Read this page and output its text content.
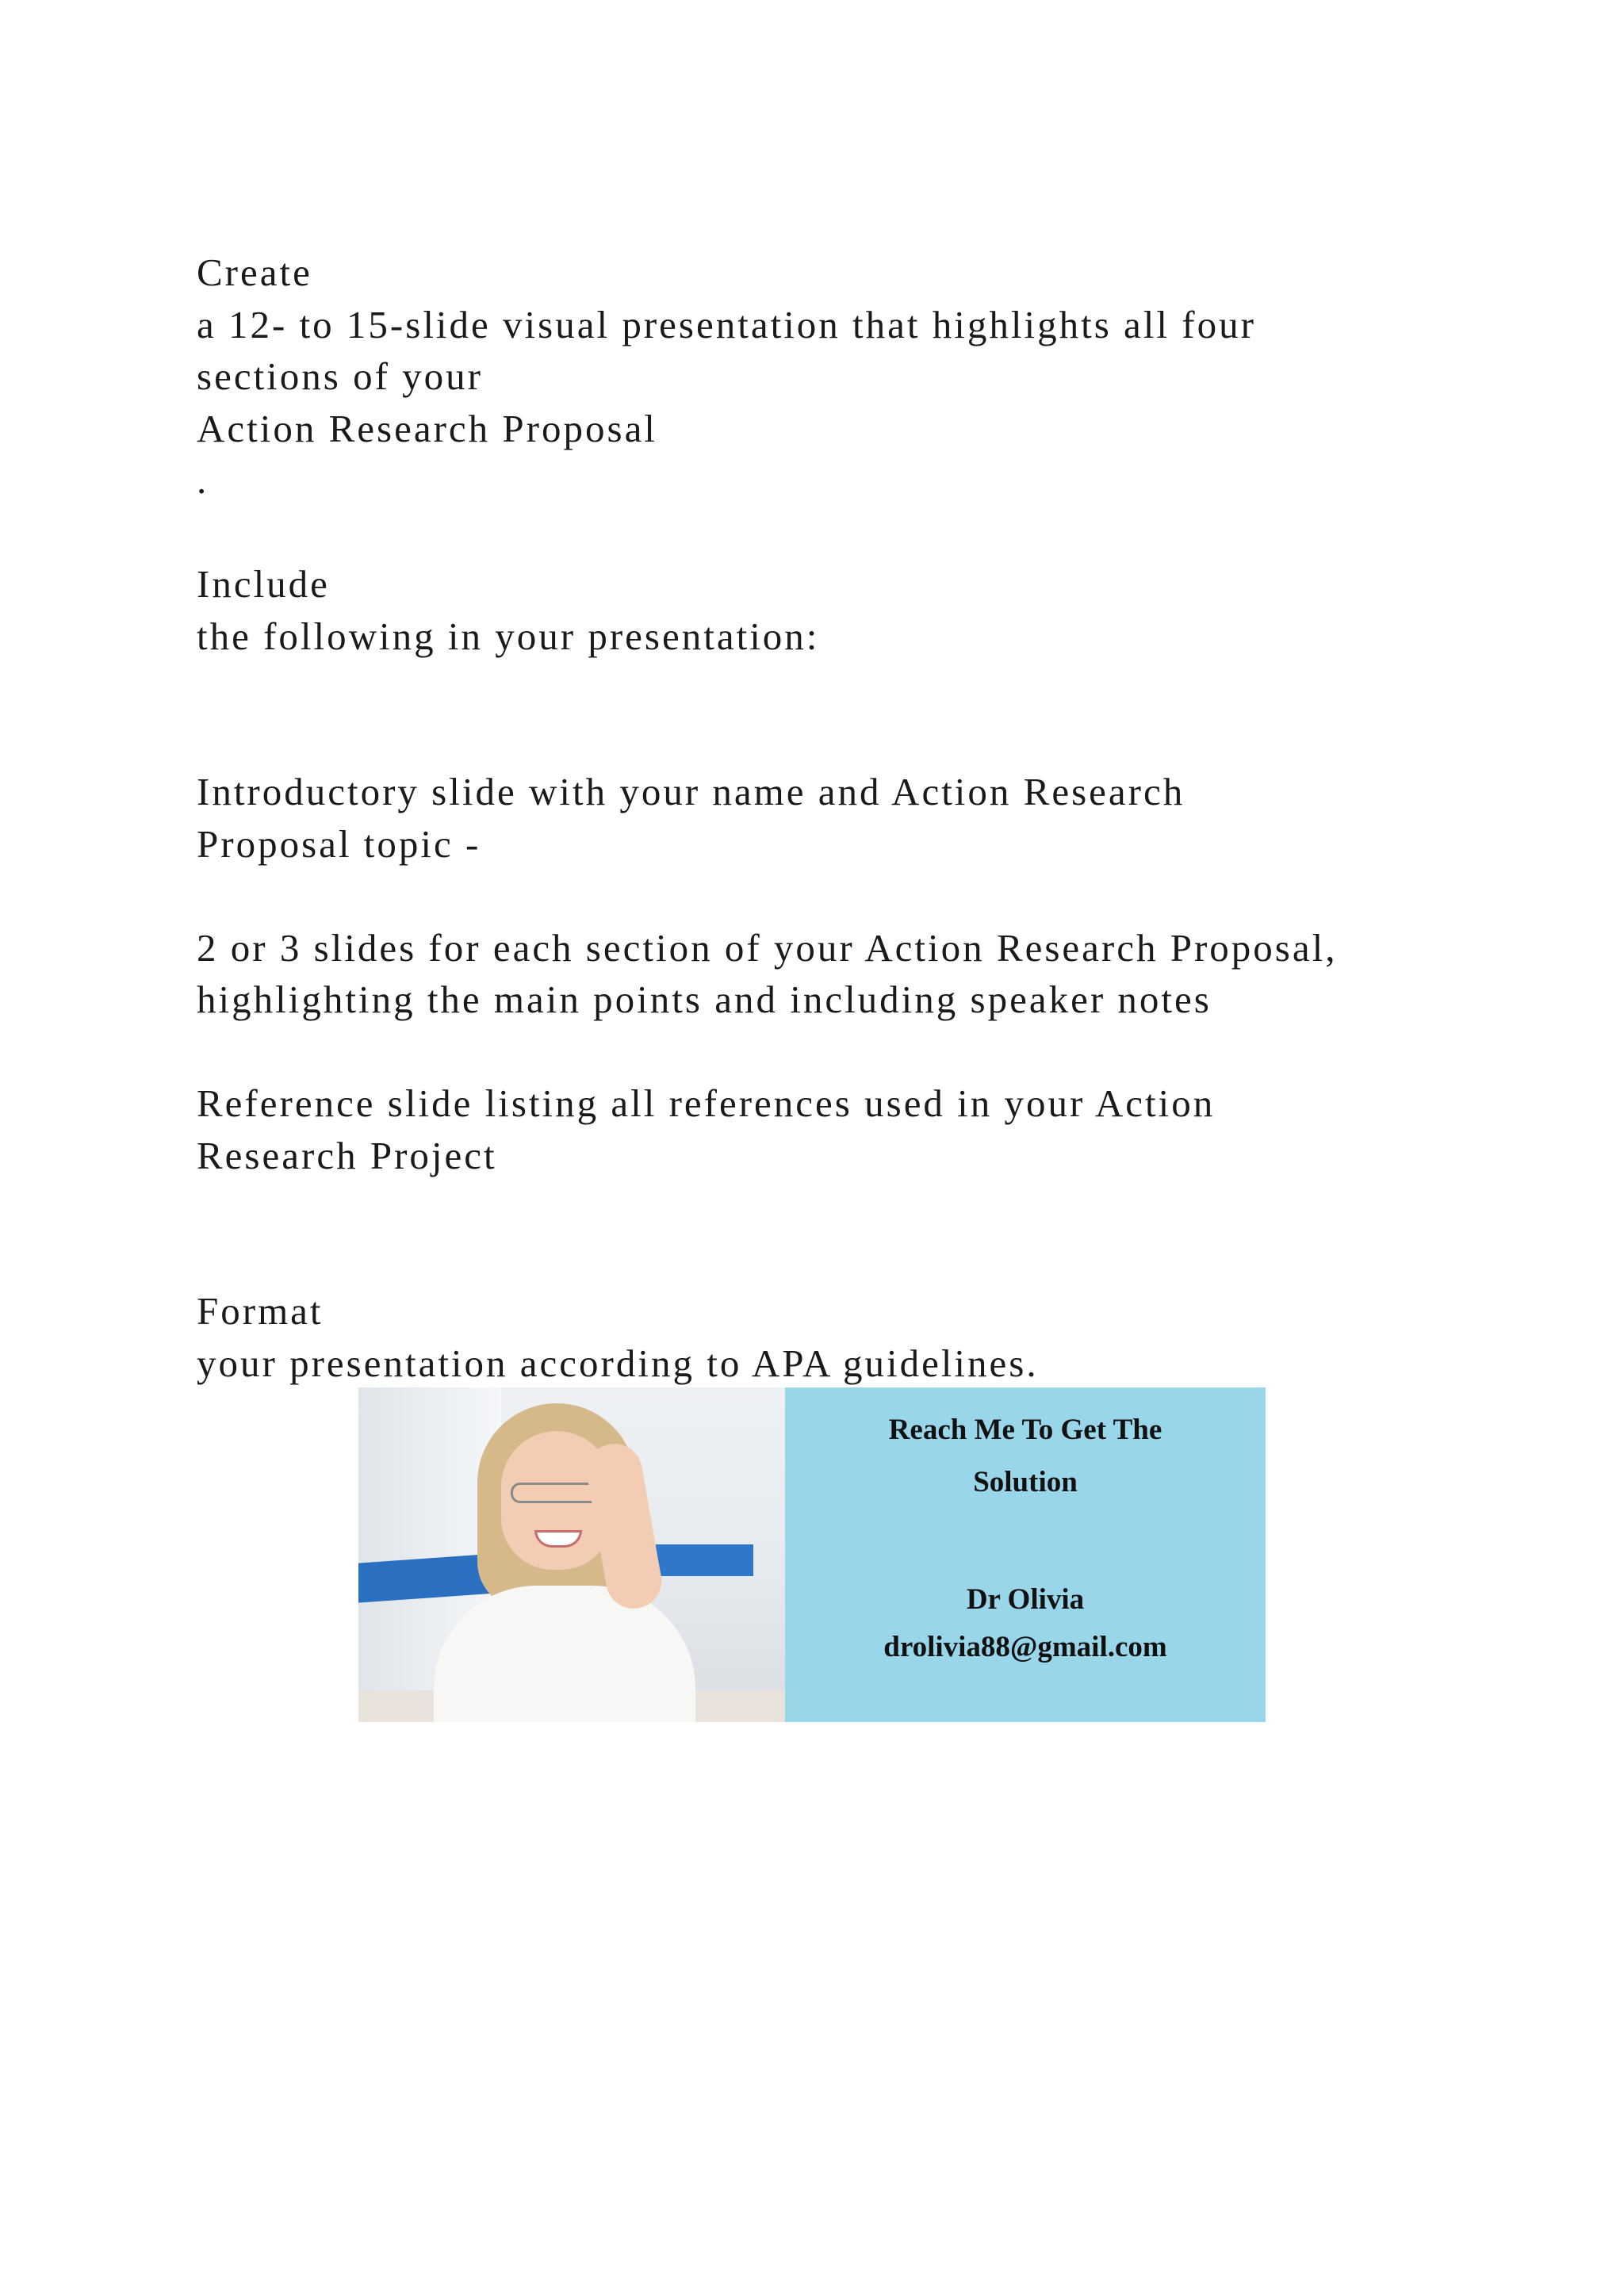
Create
a 12- to 15-slide visual presentation that highlights all four
sections of your
Action Research Proposal
.
Include
the following in your presentation:
Introductory slide with your name and Action Research
Proposal topic -
2 or 3 slides for each section of your Action Research Proposal,
highlighting the main points and including speaker notes
Reference slide listing all references used in your Action
Research Project
Format
your presentation according to APA guidelines.
Reach Me To Get The
Solution
Dr Olivia
drolivia88@gmail.com
